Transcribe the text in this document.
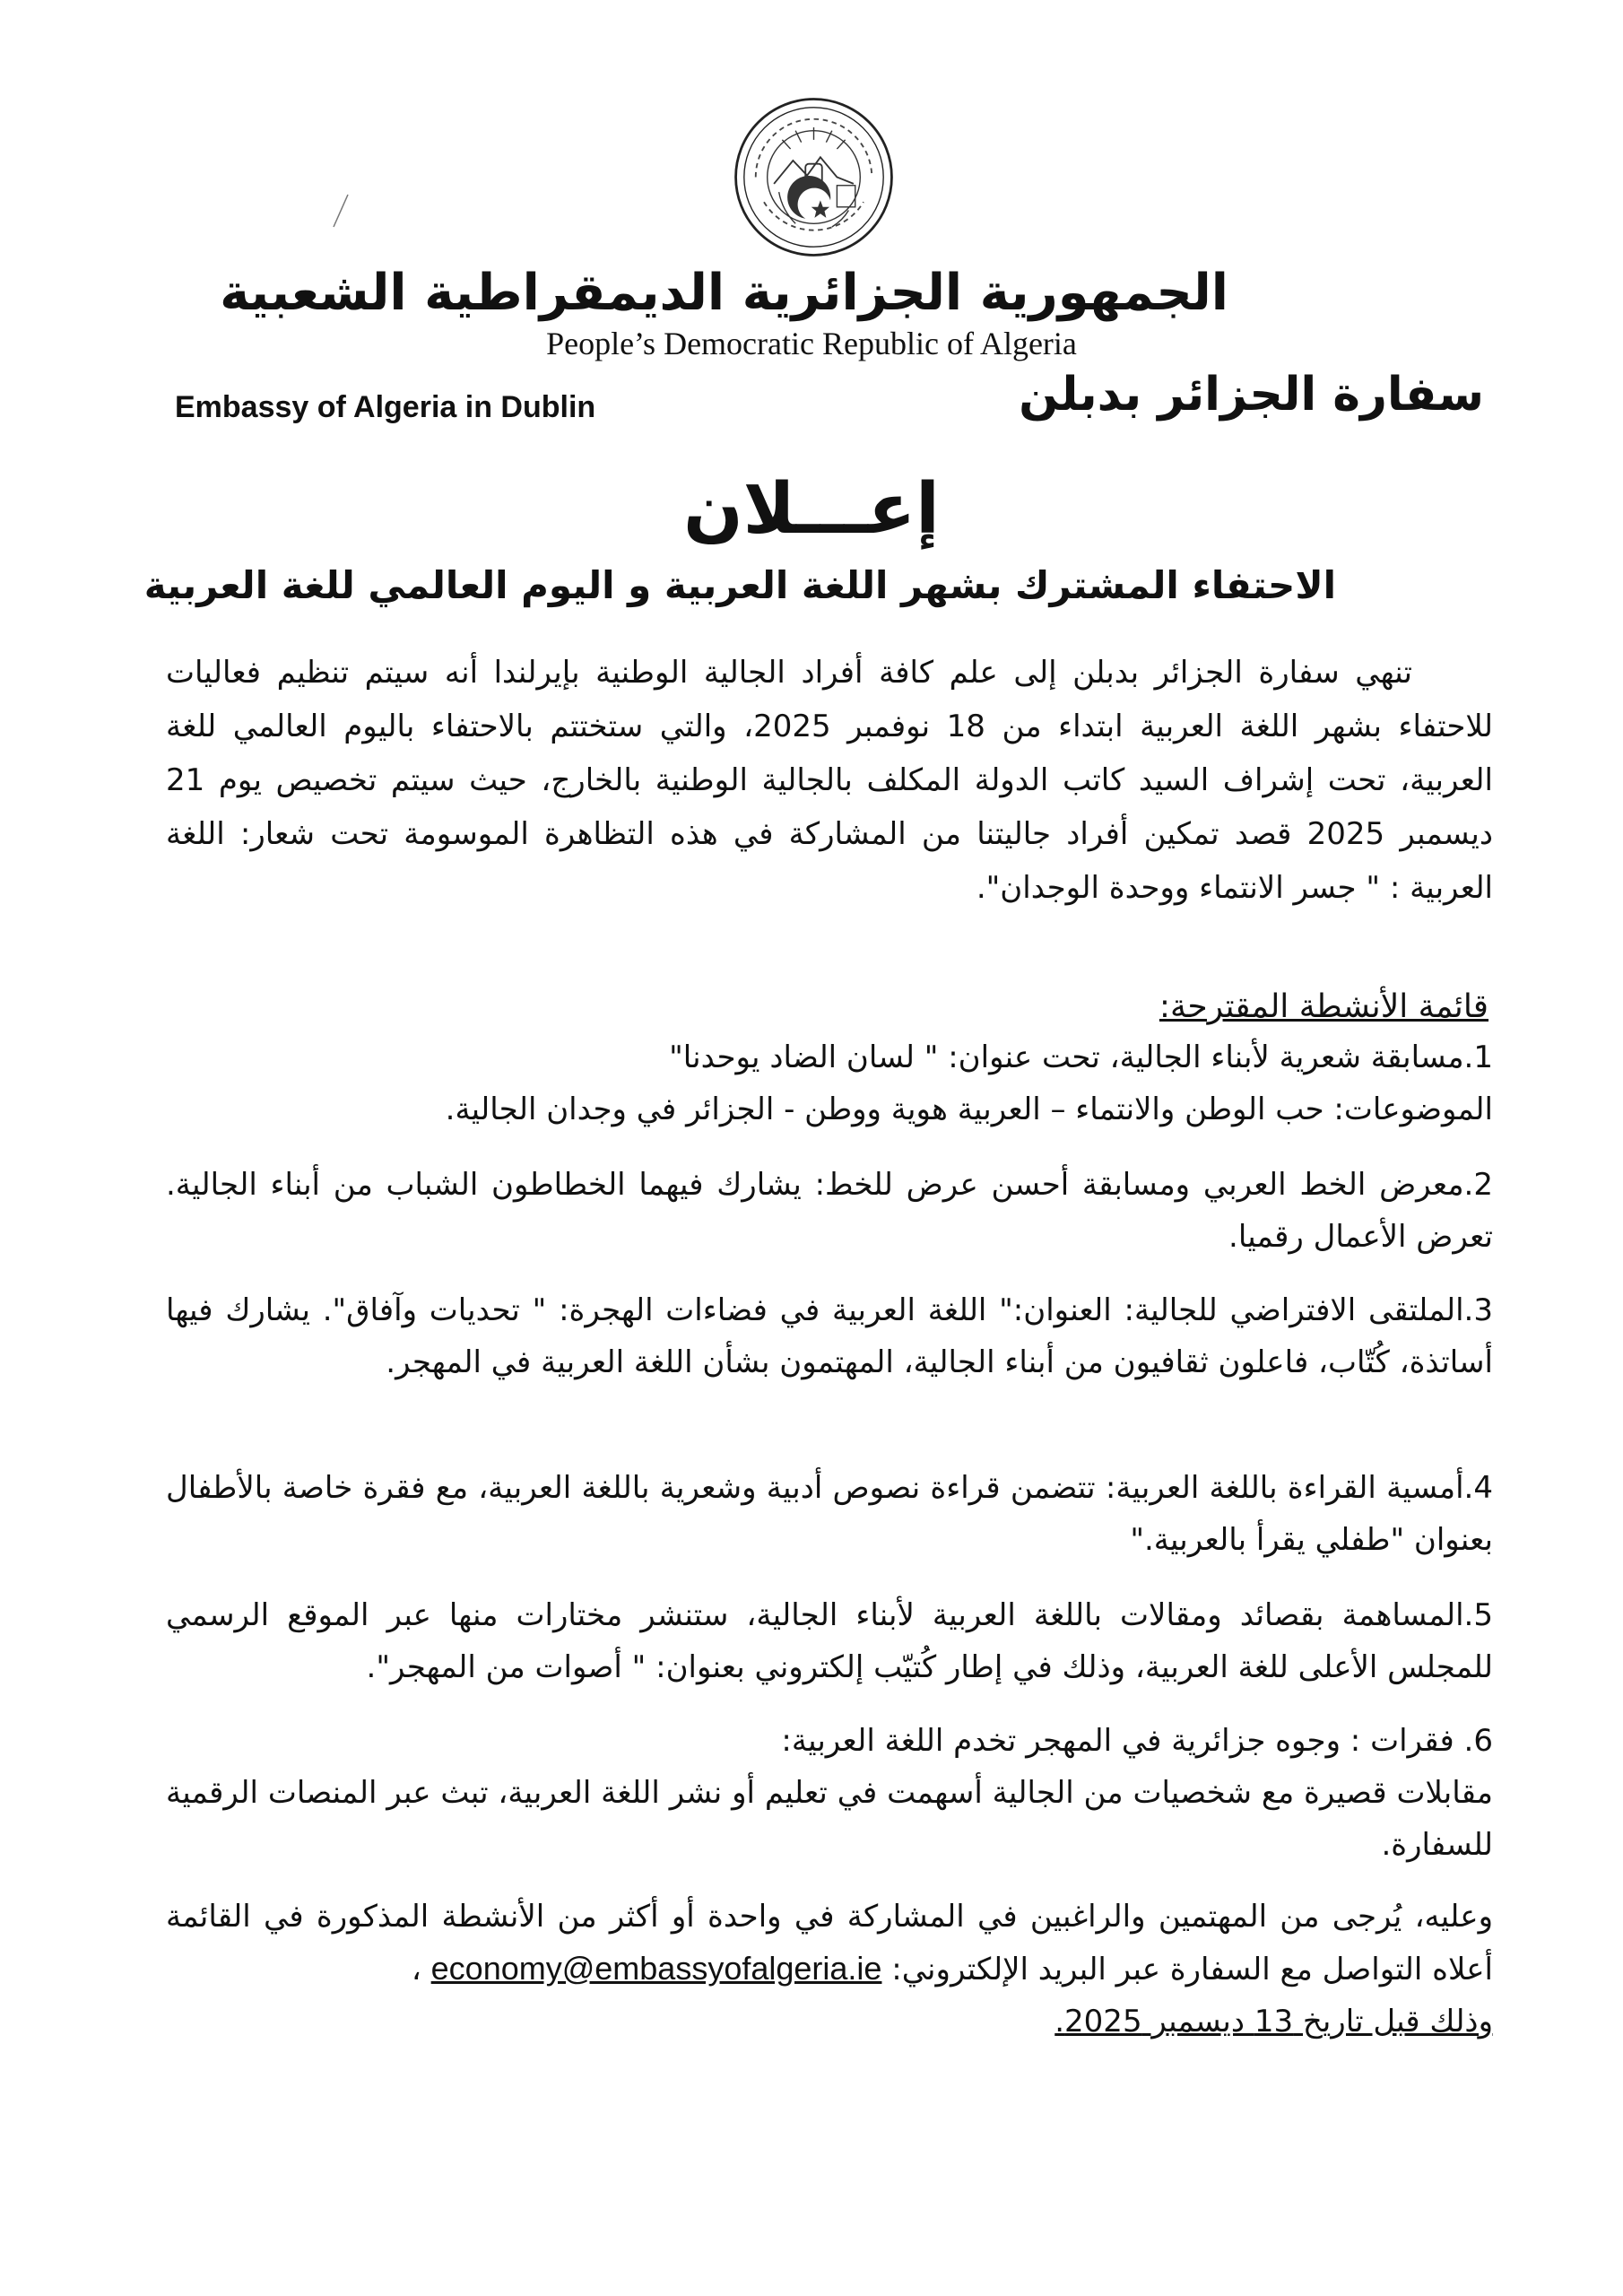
الجمهورية الجزائرية الديمقراطية الشعبية
People’s Democratic Republic of Algeria
Embassy of Algeria in Dublin	سفارة الجزائر بدبلن
إعـــلان
الاحتفاء المشترك بشهر اللغة العربية و اليوم العالمي للغة العربية

تنهي سفارة الجزائر بدبلن إلى علم كافة أفراد الجالية الوطنية بإيرلندا أنه سيتم تنظيم فعاليات للاحتفاء بشهر اللغة العربية ابتداء من 18 نوفمبر 2025، والتي ستختتم بالاحتفاء باليوم العالمي للغة العربية، تحت إشراف السيد كاتب الدولة المكلف بالجالية الوطنية بالخارج، حيث سيتم تخصيص يوم 21 ديسمبر 2025 قصد تمكين أفراد جاليتنا من المشاركة في هذه التظاهرة الموسومة تحت شعار: اللغة العربية : " جسر الانتماء ووحدة الوجدان".

قائمة الأنشطة المقترحة:

1.مسابقة شعرية لأبناء الجالية، تحت عنوان: " لسان الضاد يوحدنا"

الموضوعات: حب الوطن والانتماء – العربية هوية ووطن - الجزائر في وجدان الجالية.

2.معرض الخط العربي ومسابقة أحسن عرض للخط: يشارك فيهما الخطاطون الشباب من أبناء الجالية. تعرض الأعمال رقميا.

3.الملتقى الافتراضي للجالية: العنوان:" اللغة العربية في فضاءات الهجرة: " تحديات وآفاق". يشارك فيها أساتذة، كُتّاب، فاعلون ثقافيون من أبناء الجالية، المهتمون بشأن اللغة العربية في المهجر.

4.أمسية القراءة باللغة العربية: تتضمن قراءة نصوص أدبية وشعرية باللغة العربية، مع فقرة خاصة بالأطفال بعنوان "طفلي يقرأ بالعربية."

5.المساهمة بقصائد ومقالات باللغة العربية لأبناء الجالية، ستنشر مختارات منها عبر الموقع الرسمي للمجلس الأعلى للغة العربية، وذلك في إطار كُتيّب إلكتروني بعنوان: " أصوات من المهجر".

6. فقرات : وجوه جزائرية في المهجر تخدم اللغة العربية:

مقابلات قصيرة مع شخصيات من الجالية أسهمت في تعليم أو نشر اللغة العربية، تبث عبر المنصات الرقمية للسفارة.

وعليه، يُرجى من المهتمين والراغبين في المشاركة في واحدة أو أكثر من الأنشطة المذكورة في القائمة أعلاه التواصل مع السفارة عبر البريد الإلكتروني: economy@embassyofalgeria.ie ،

وذلك قبل تاريخ 13 ديسمبر 2025.
